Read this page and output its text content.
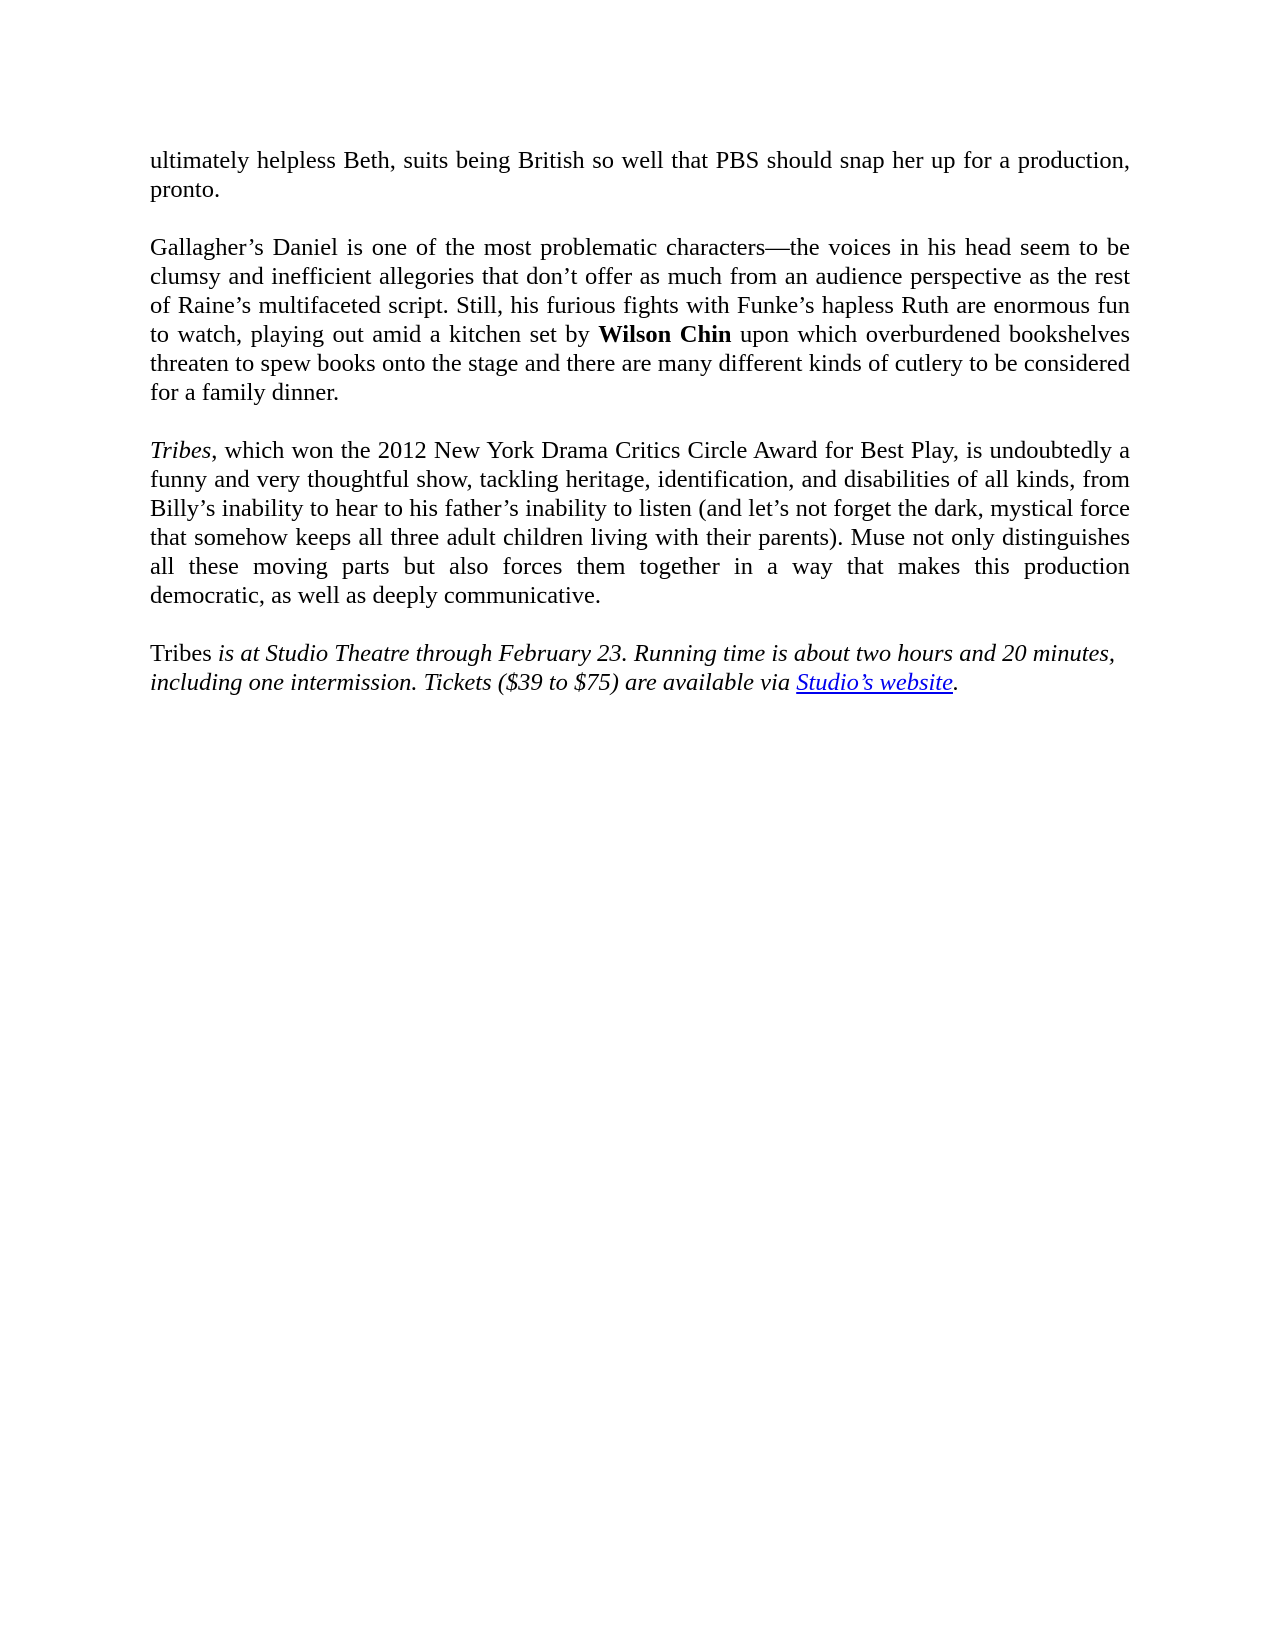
ultimately helpless Beth, suits being British so well that PBS should snap her up for a production, pronto.

Gallagher’s Daniel is one of the most problematic characters—the voices in his head seem to be clumsy and inefficient allegories that don’t offer as much from an audience perspective as the rest of Raine’s multifaceted script. Still, his furious fights with Funke’s hapless Ruth are enormous fun to watch, playing out amid a kitchen set by Wilson Chin upon which overburdened bookshelves threaten to spew books onto the stage and there are many different kinds of cutlery to be considered for a family dinner.

Tribes, which won the 2012 New York Drama Critics Circle Award for Best Play, is undoubtedly a funny and very thoughtful show, tackling heritage, identification, and disabilities of all kinds, from Billy’s inability to hear to his father’s inability to listen (and let’s not forget the dark, mystical force that somehow keeps all three adult children living with their parents). Muse not only distinguishes all these moving parts but also forces them together in a way that makes this production democratic, as well as deeply communicative.

Tribes is at Studio Theatre through February 23. Running time is about two hours and 20 minutes, including one intermission. Tickets ($39 to $75) are available via Studio’s website.
